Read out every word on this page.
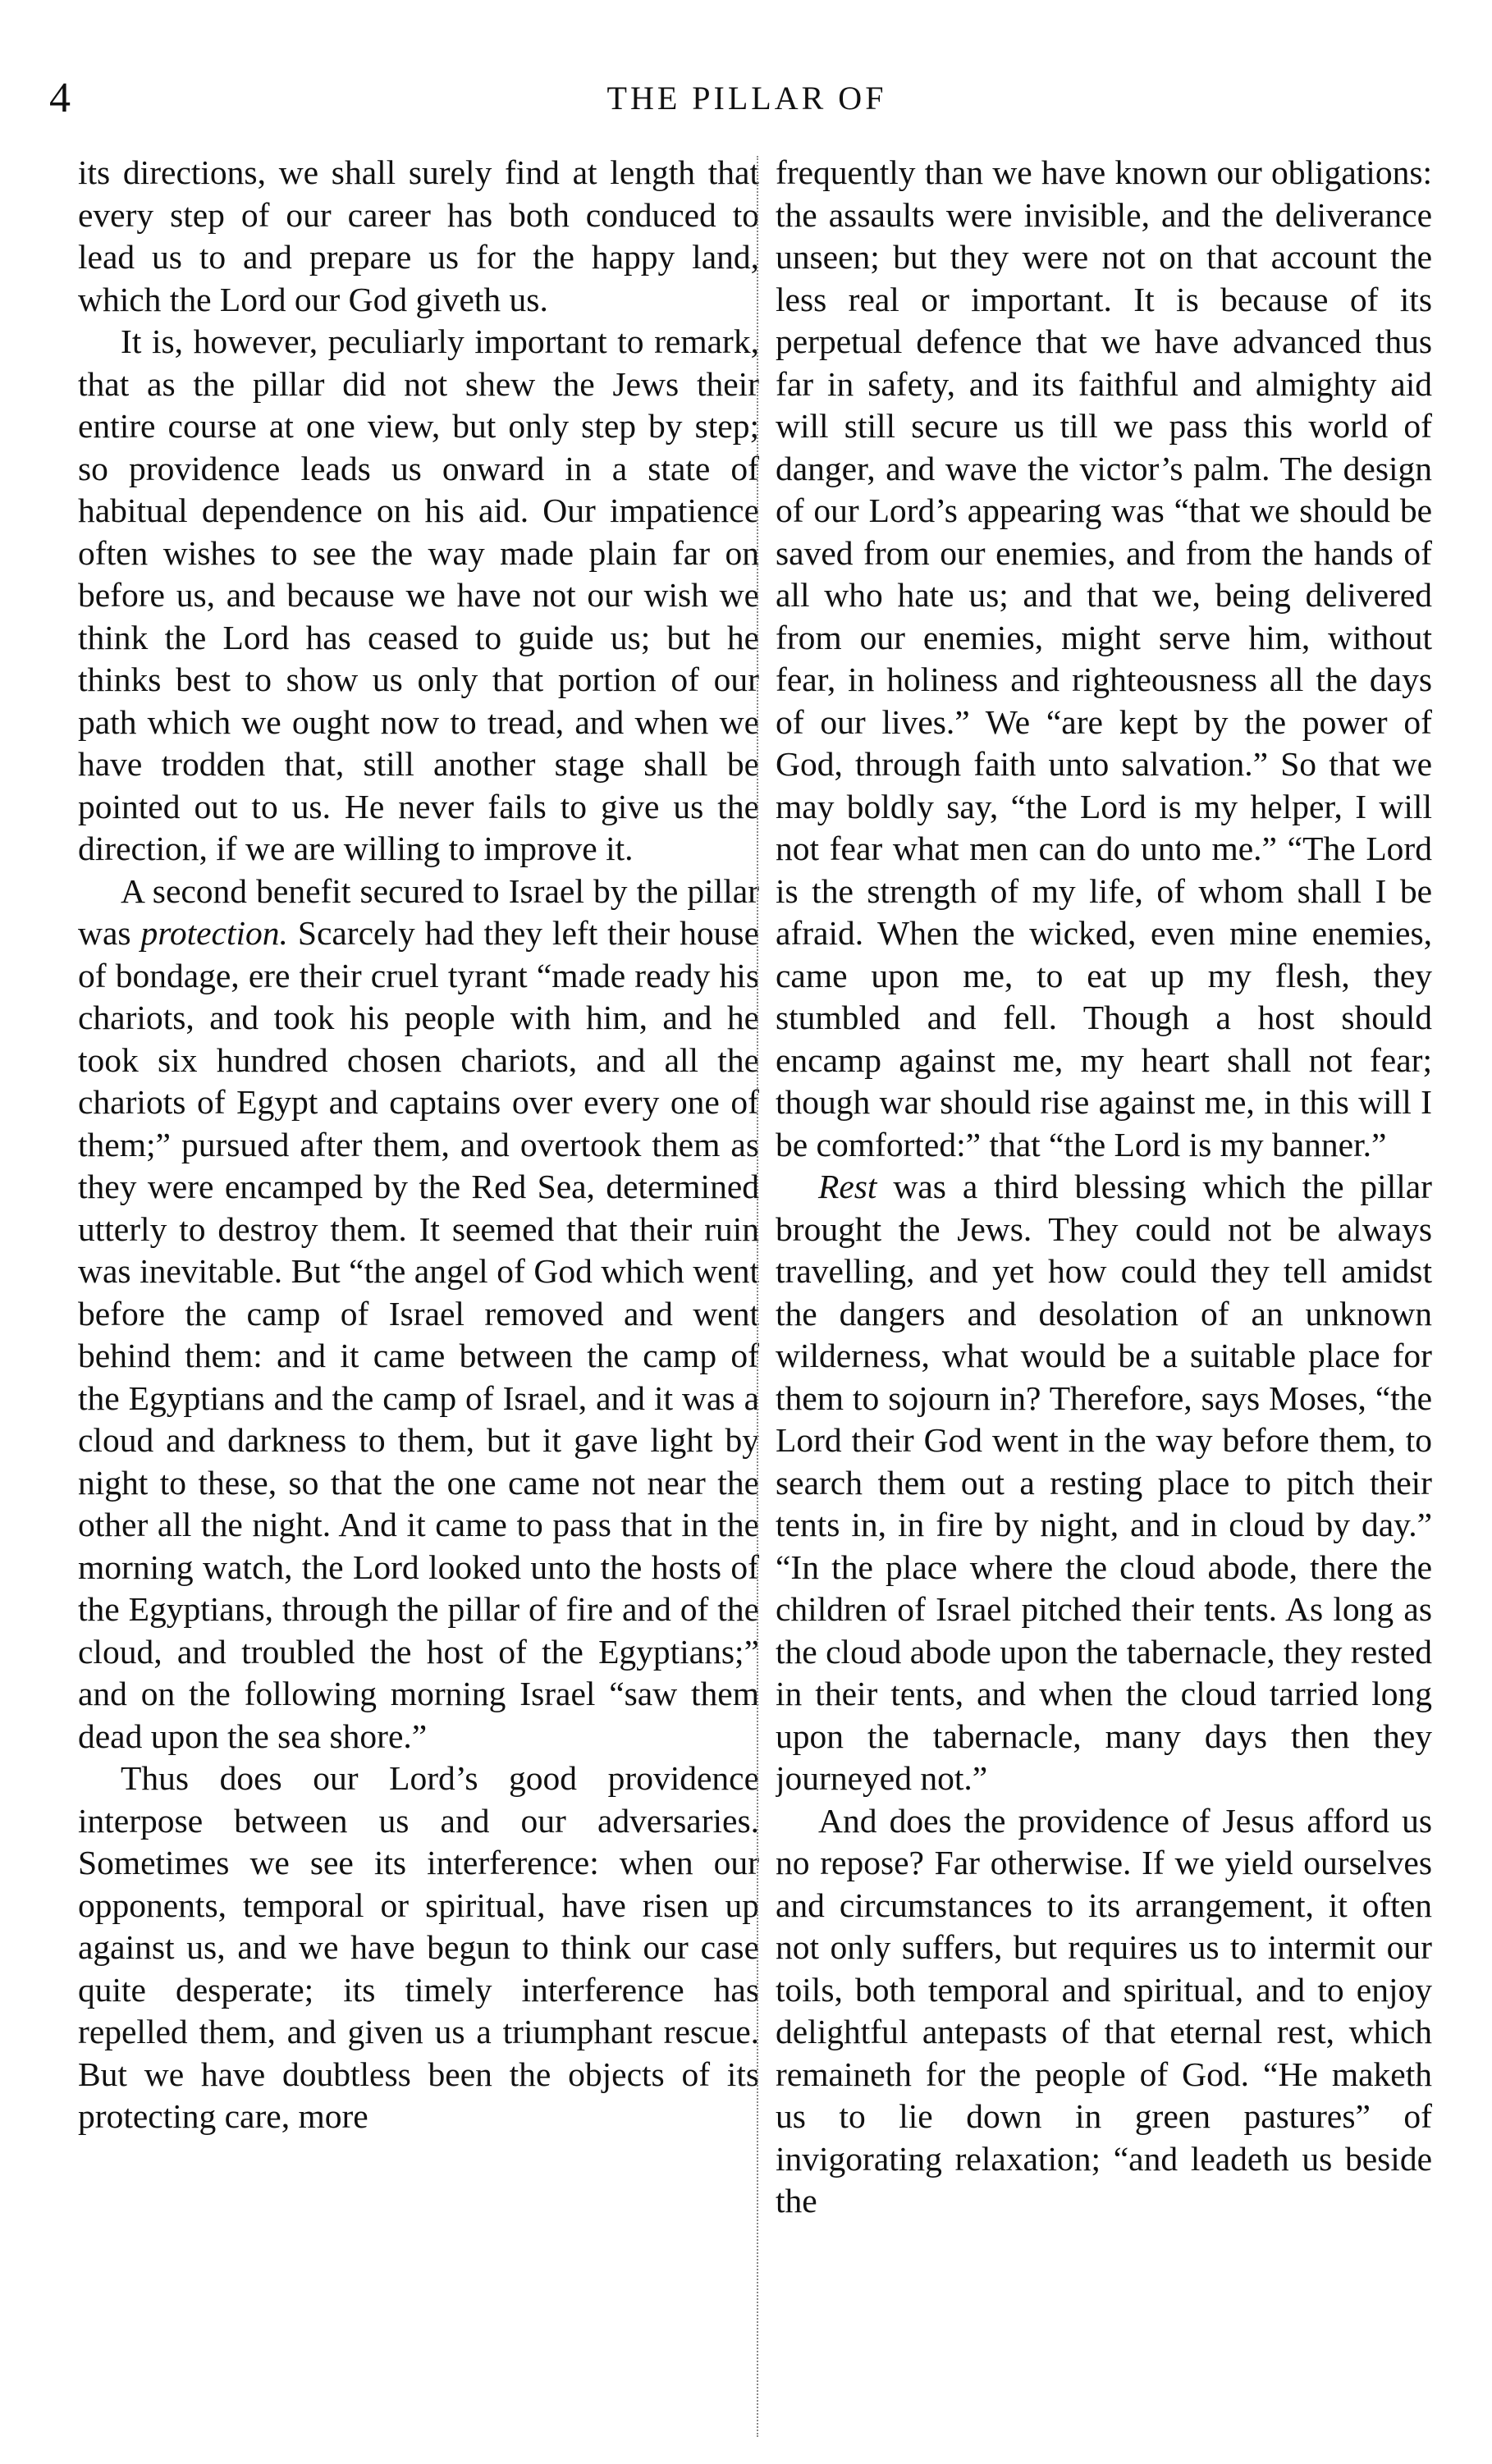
4	THE PILLAR OF

its directions, we shall surely find at length that every step of our career has both conduced to lead us to and prepare us for the happy land, which the Lord our God giveth us.

It is, however, peculiarly important to remark, that as the pillar did not shew the Jews their entire course at one view, but only step by step; so providence leads us onward in a state of habitual dependence on his aid. Our impatience often wishes to see the way made plain far on before us, and because we have not our wish we think the Lord has ceased to guide us; but he thinks best to show us only that portion of our path which we ought now to tread, and when we have trodden that, still another stage shall be pointed out to us. He never fails to give us the direction, if we are willing to improve it.

A second benefit secured to Israel by the pillar was protection. Scarcely had they left their house of bondage, ere their cruel tyrant “made ready his chariots, and took his people with him, and he took six hundred chosen chariots, and all the chariots of Egypt and captains over every one of them;” pursued after them, and overtook them as they were encamped by the Red Sea, determined utterly to destroy them. It seemed that their ruin was inevitable. But “the angel of God which went before the camp of Israel removed and went behind them: and it came between the camp of the Egyptians and the camp of Israel, and it was a cloud and darkness to them, but it gave light by night to these, so that the one came not near the other all the night. And it came to pass that in the morning watch, the Lord looked unto the hosts of the Egyptians, through the pillar of fire and of the cloud, and troubled the host of the Egyptians;” and on the following morning Israel “saw them dead upon the sea shore.”

Thus does our Lord’s good providence interpose between us and our adversaries. Sometimes we see its interference: when our opponents, temporal or spiritual, have risen up against us, and we have begun to think our case quite desperate; its timely interference has repelled them, and given us a triumphant rescue. But we have doubtless been the objects of its protecting care, more

frequently than we have known our obligations: the assaults were invisible, and the deliverance unseen; but they were not on that account the less real or important. It is because of its perpetual defence that we have advanced thus far in safety, and its faithful and almighty aid will still secure us till we pass this world of danger, and wave the victor’s palm. The design of our Lord’s appearing was “that we should be saved from our enemies, and from the hands of all who hate us; and that we, being delivered from our enemies, might serve him, without fear, in holiness and righteousness all the days of our lives.” We “are kept by the power of God, through faith unto salvation.” So that we may boldly say, “the Lord is my helper, I will not fear what men can do unto me.” “The Lord is the strength of my life, of whom shall I be afraid. When the wicked, even mine enemies, came upon me, to eat up my flesh, they stumbled and fell. Though a host should encamp against me, my heart shall not fear; though war should rise against me, in this will I be comforted:” that “the Lord is my banner.”

Rest was a third blessing which the pillar brought the Jews. They could not be always travelling, and yet how could they tell amidst the dangers and desolation of an unknown wilderness, what would be a suitable place for them to sojourn in? Therefore, says Moses, “the Lord their God went in the way before them, to search them out a resting place to pitch their tents in, in fire by night, and in cloud by day.” “In the place where the cloud abode, there the children of Israel pitched their tents. As long as the cloud abode upon the tabernacle, they rested in their tents, and when the cloud tarried long upon the tabernacle, many days then they journeyed not.”

And does the providence of Jesus afford us no repose? Far otherwise. If we yield ourselves and circumstances to its arrangement, it often not only suffers, but requires us to intermit our toils, both temporal and spiritual, and to enjoy delightful antepasts of that eternal rest, which remaineth for the people of God. “He maketh us to lie down in green pastures” of invigorating relaxation; “and leadeth us beside the
